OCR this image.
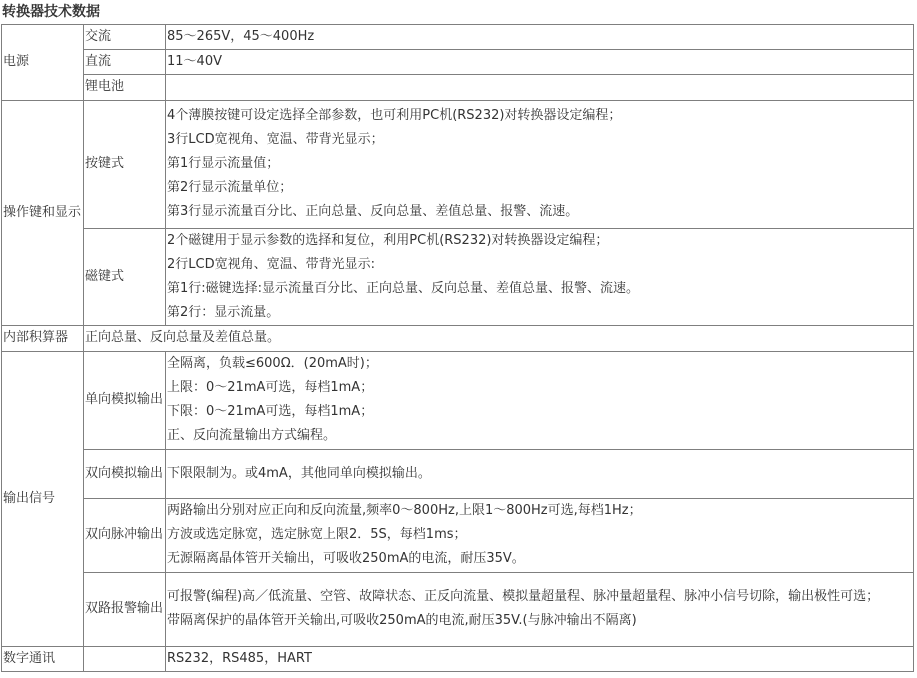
转换器技术数据
电源	交流	85～265V，45～400Hz
	直流	11～40V
	锂电池	
操作键和显示	按键式	4个薄膜按键可设定选择全部参数，也可利用PC机(RS232)对转换器设定编程；
3行LCD宽视角、宽温、带背光显示；
第1行显示流量值；
第2行显示流量单位；
第3行显示流量百分比、正向总量、反向总量、差值总量、报警、流速。

	磁键式	2个磁键用于显示参数的选择和复位，利用PC机(RS232)对转换器设定编程；
2行LCD宽视角、宽温、带背光显示:
第1行:磁键选择:显示流量百分比、正向总量、反向总量、差值总量、报警、流速。
第2行：显示流量。

内部积算器	正向总量、反向总量及差值总量。	
输出信号	单向模拟输出	全隔离，负载≤600Ω．(20mA时)；
上限：0～21mA可选，每档1mA；
下限：0～21mA可选，每档1mA；
正、反向流量输出方式编程。

	双向模拟输出	下限限制为。或4mA，其他同单向模拟输出。

	双向脉冲输出	两路输出分别对应正向和反向流量,频率0～800Hz,上限1～800Hz可选,每档1Hz；
方波或选定脉宽，选定脉宽上限2．5S，每档1ms；
无源隔离晶体管开关输出，可吸收250mA的电流，耐压35V。

	双路报警输出	可报警(编程)高／低流量、空管、故障状态、正反向流量、模拟量超量程、脉冲量超量程、脉冲小信号切除，输出极性可选；
带隔离保护的晶体管开关输出,可吸收250mA的电流,耐压35V.(与脉冲输出不隔离)

数字通讯		RS232，RS485，HART
